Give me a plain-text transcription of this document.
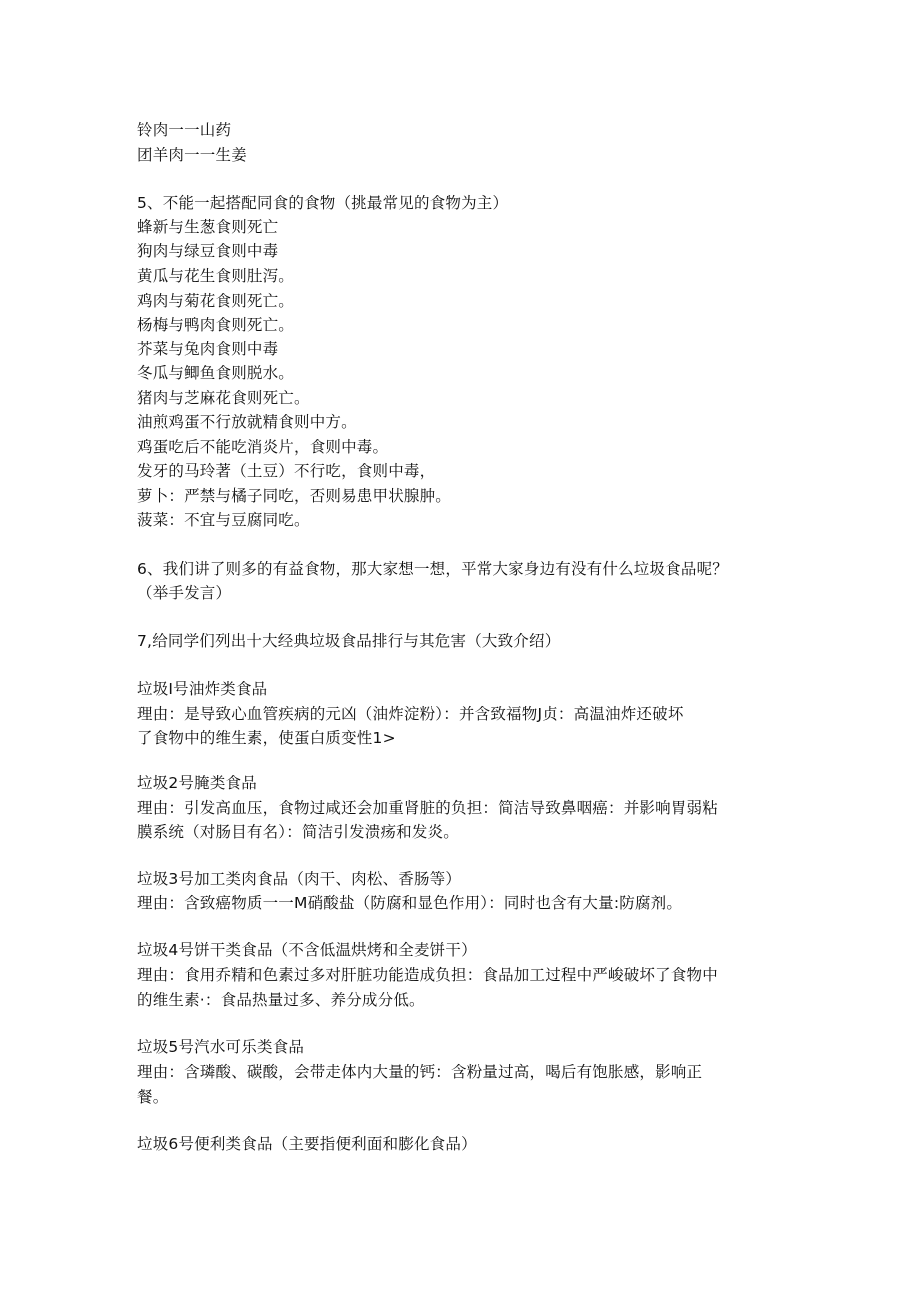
铃肉一一山药
团羊肉一一生姜
5、不能一起搭配同食的食物（挑最常见的食物为主）
蜂新与生葱食则死亡
狗肉与绿豆食则中毒
黄瓜与花生食则肚泻。
鸡肉与菊花食则死亡。
杨梅与鸭肉食则死亡。
芥菜与兔肉食则中毒
冬瓜与鲫鱼食则脱水。
猪肉与芝麻花食则死亡。
油煎鸡蛋不行放就精食则中方。
鸡蛋吃后不能吃消炎片，食则中毒。
发牙的马玲著（土豆）不行吃，食则中毒，
萝卜：严禁与橘子同吃，否则易患甲状腺肿。
菠菜：不宜与豆腐同吃。
6、我们讲了则多的有益食物，那大家想一想，平常大家身边有没有什么垃圾食品呢？
（举手发言）
7,给同学们列出十大经典垃圾食品排行与其危害（大致介绍）
垃圾I号油炸类食品
理由：是导致心血管疾病的元凶（油炸淀粉）：并含致福物J贞：高温油炸还破坏
了食物中的维生素，使蛋白质变性1>
垃圾2号腌类食品
理由：引发高血压，食物过咸还会加重肾脏的负担：简洁导致鼻咽癌：并影响胃弱粘
膜系统（对肠目有名）：简洁引发溃疡和发炎。
垃圾3号加工类肉食品（肉干、肉松、香肠等）
理由：含致癌物质一一M硝酸盐（防腐和显色作用）：同时也含有大量:防腐剂。
垃圾4号饼干类食品（不含低温烘烤和全麦饼干）
理由：食用乔精和色素过多对肝脏功能造成负担：食品加工过程中严峻破坏了食物中
的维生素·：食品热量过多、养分成分低。
垃圾5号汽水可乐类食品
理由：含璘酸、碳酸，会带走体内大量的钙：含粉量过高，喝后有饱胀感，影响正
餐。
垃圾6号便利类食品（主要指便利面和膨化食品）
